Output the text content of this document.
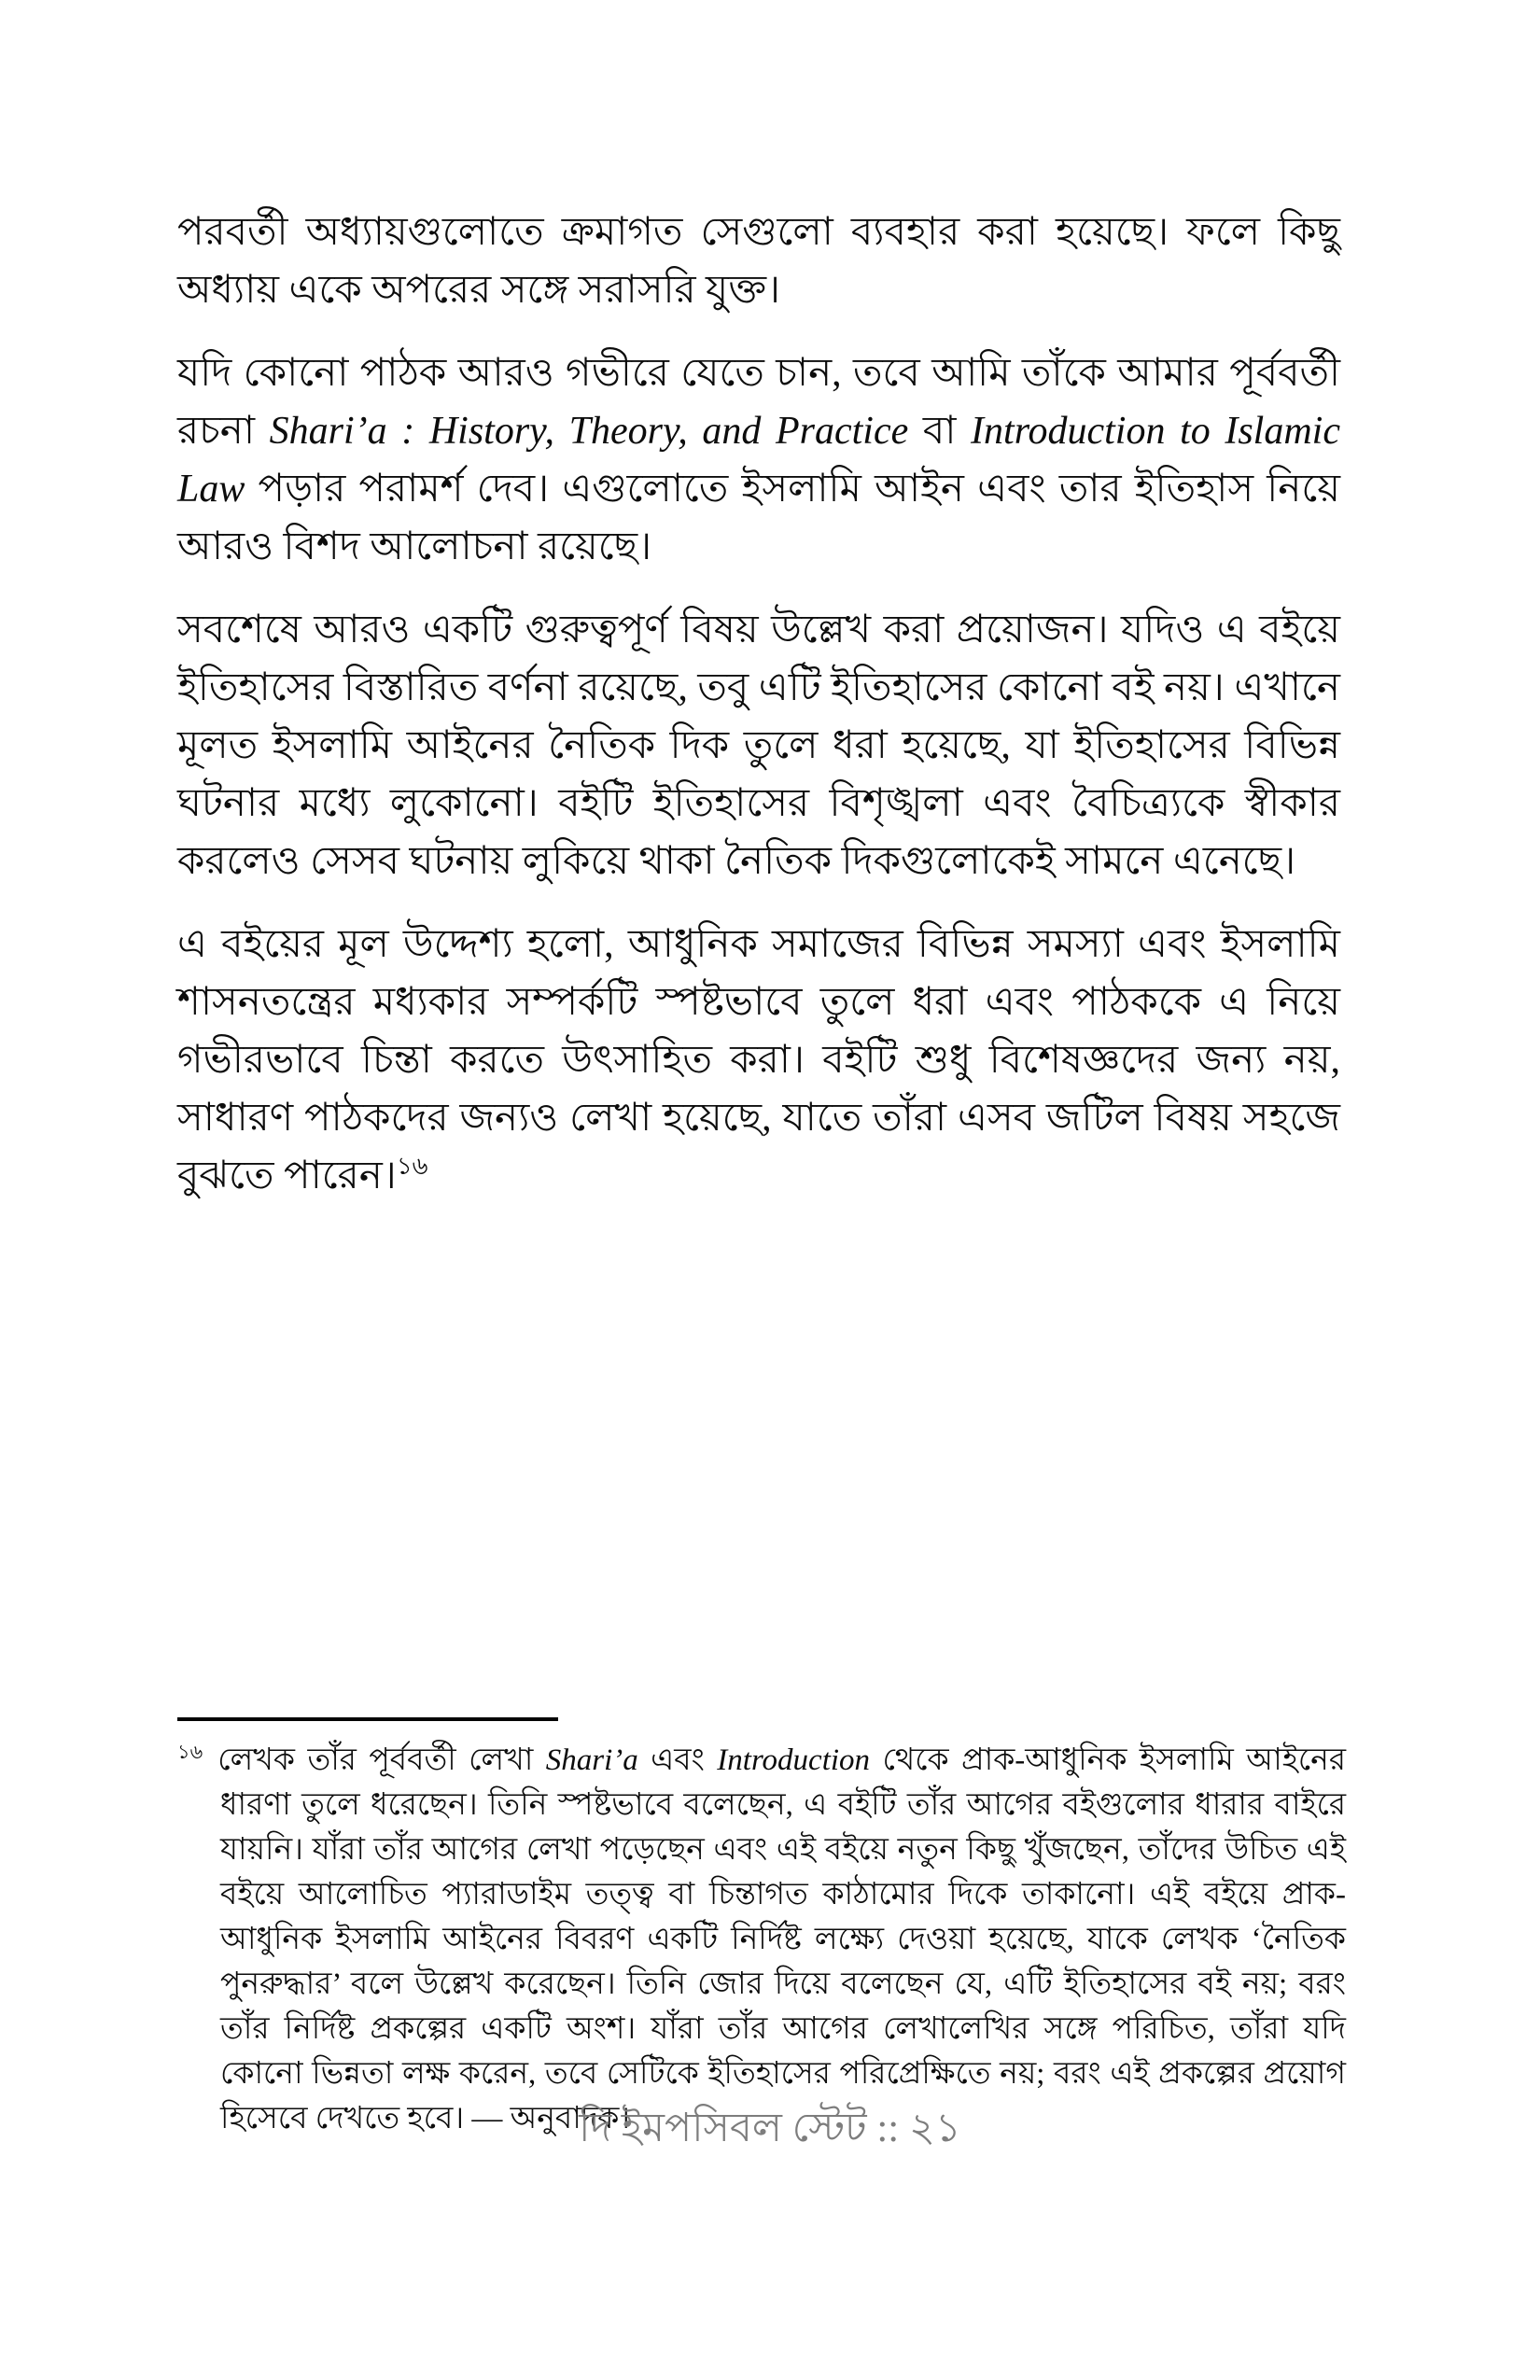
পরবর্তী অধ্যায়গুলোতে ক্রমাগত সেগুলো ব্যবহার করা হয়েছে। ফলে কিছু অধ্যায় একে অপরের সঙ্গে সরাসরি যুক্ত।

যদি কোনো পাঠক আরও গভীরে যেতে চান, তবে আমি তাঁকে আমার পূর্ববর্তী রচনা Shari’a : History, Theory, and Practice বা Introduction to Islamic Law পড়ার পরামর্শ দেব। এগুলোতে ইসলামি আইন এবং তার ইতিহাস নিয়ে আরও বিশদ আলোচনা রয়েছে।

সবশেষে আরও একটি গুরুত্বপূর্ণ বিষয় উল্লেখ করা প্রয়োজন। যদিও এ বইয়ে ইতিহাসের বিস্তারিত বর্ণনা রয়েছে, তবু এটি ইতিহাসের কোনো বই নয়। এখানে মূলত ইসলামি আইনের নৈতিক দিক তুলে ধরা হয়েছে, যা ইতিহাসের বিভিন্ন ঘটনার মধ্যে লুকোনো। বইটি ইতিহাসের বিশৃঙ্খলা এবং বৈচিত্র্যকে স্বীকার করলেও সেসব ঘটনায় লুকিয়ে থাকা নৈতিক দিকগুলোকেই সামনে এনেছে।

এ বইয়ের মূল উদ্দেশ্য হলো, আধুনিক সমাজের বিভিন্ন সমস্যা এবং ইসলামি শাসনতন্ত্রের মধ্যকার সম্পর্কটি স্পষ্টভাবে তুলে ধরা এবং পাঠককে এ নিয়ে গভীরভাবে চিন্তা করতে উৎসাহিত করা। বইটি শুধু বিশেষজ্ঞদের জন্য নয়, সাধারণ পাঠকদের জন্যও লেখা হয়েছে, যাতে তাঁরা এসব জটিল বিষয় সহজে বুঝতে পারেন।$^{১৬}$

$^{১৬}$ লেখক তাঁর পূর্ববর্তী লেখা Shari’a এবং Introduction থেকে প্রাক-আধুনিক ইসলামি আইনের ধারণা তুলে ধরেছেন। তিনি স্পষ্টভাবে বলেছেন, এ বইটি তাঁর আগের বইগুলোর ধারার বাইরে যায়নি। যাঁরা তাঁর আগের লেখা পড়েছেন এবং এই বইয়ে নতুন কিছু খুঁজছেন, তাঁদের উচিত এই বইয়ে আলোচিত প্যারাডাইম তত্ত্ব বা চিন্তাগত কাঠামোর দিকে তাকানো। এই বইয়ে প্রাক-আধুনিক ইসলামি আইনের বিবরণ একটি নির্দিষ্ট লক্ষ্যে দেওয়া হয়েছে, যাকে লেখক ‘নৈতিক পুনরুদ্ধার’ বলে উল্লেখ করেছেন। তিনি জোর দিয়ে বলেছেন যে, এটি ইতিহাসের বই নয়; বরং তাঁর নির্দিষ্ট প্রকল্পের একটি অংশ। যাঁরা তাঁর আগের লেখালেখির সঙ্গে পরিচিত, তাঁরা যদি কোনো ভিন্নতা লক্ষ করেন, তবে সেটিকে ইতিহাসের পরিপ্রেক্ষিতে নয়; বরং এই প্রকল্পের প্রয়োগ হিসেবে দেখতে হবে। — অনুবাদক।
দি ইমপসিবল স্টেট :: ২১
